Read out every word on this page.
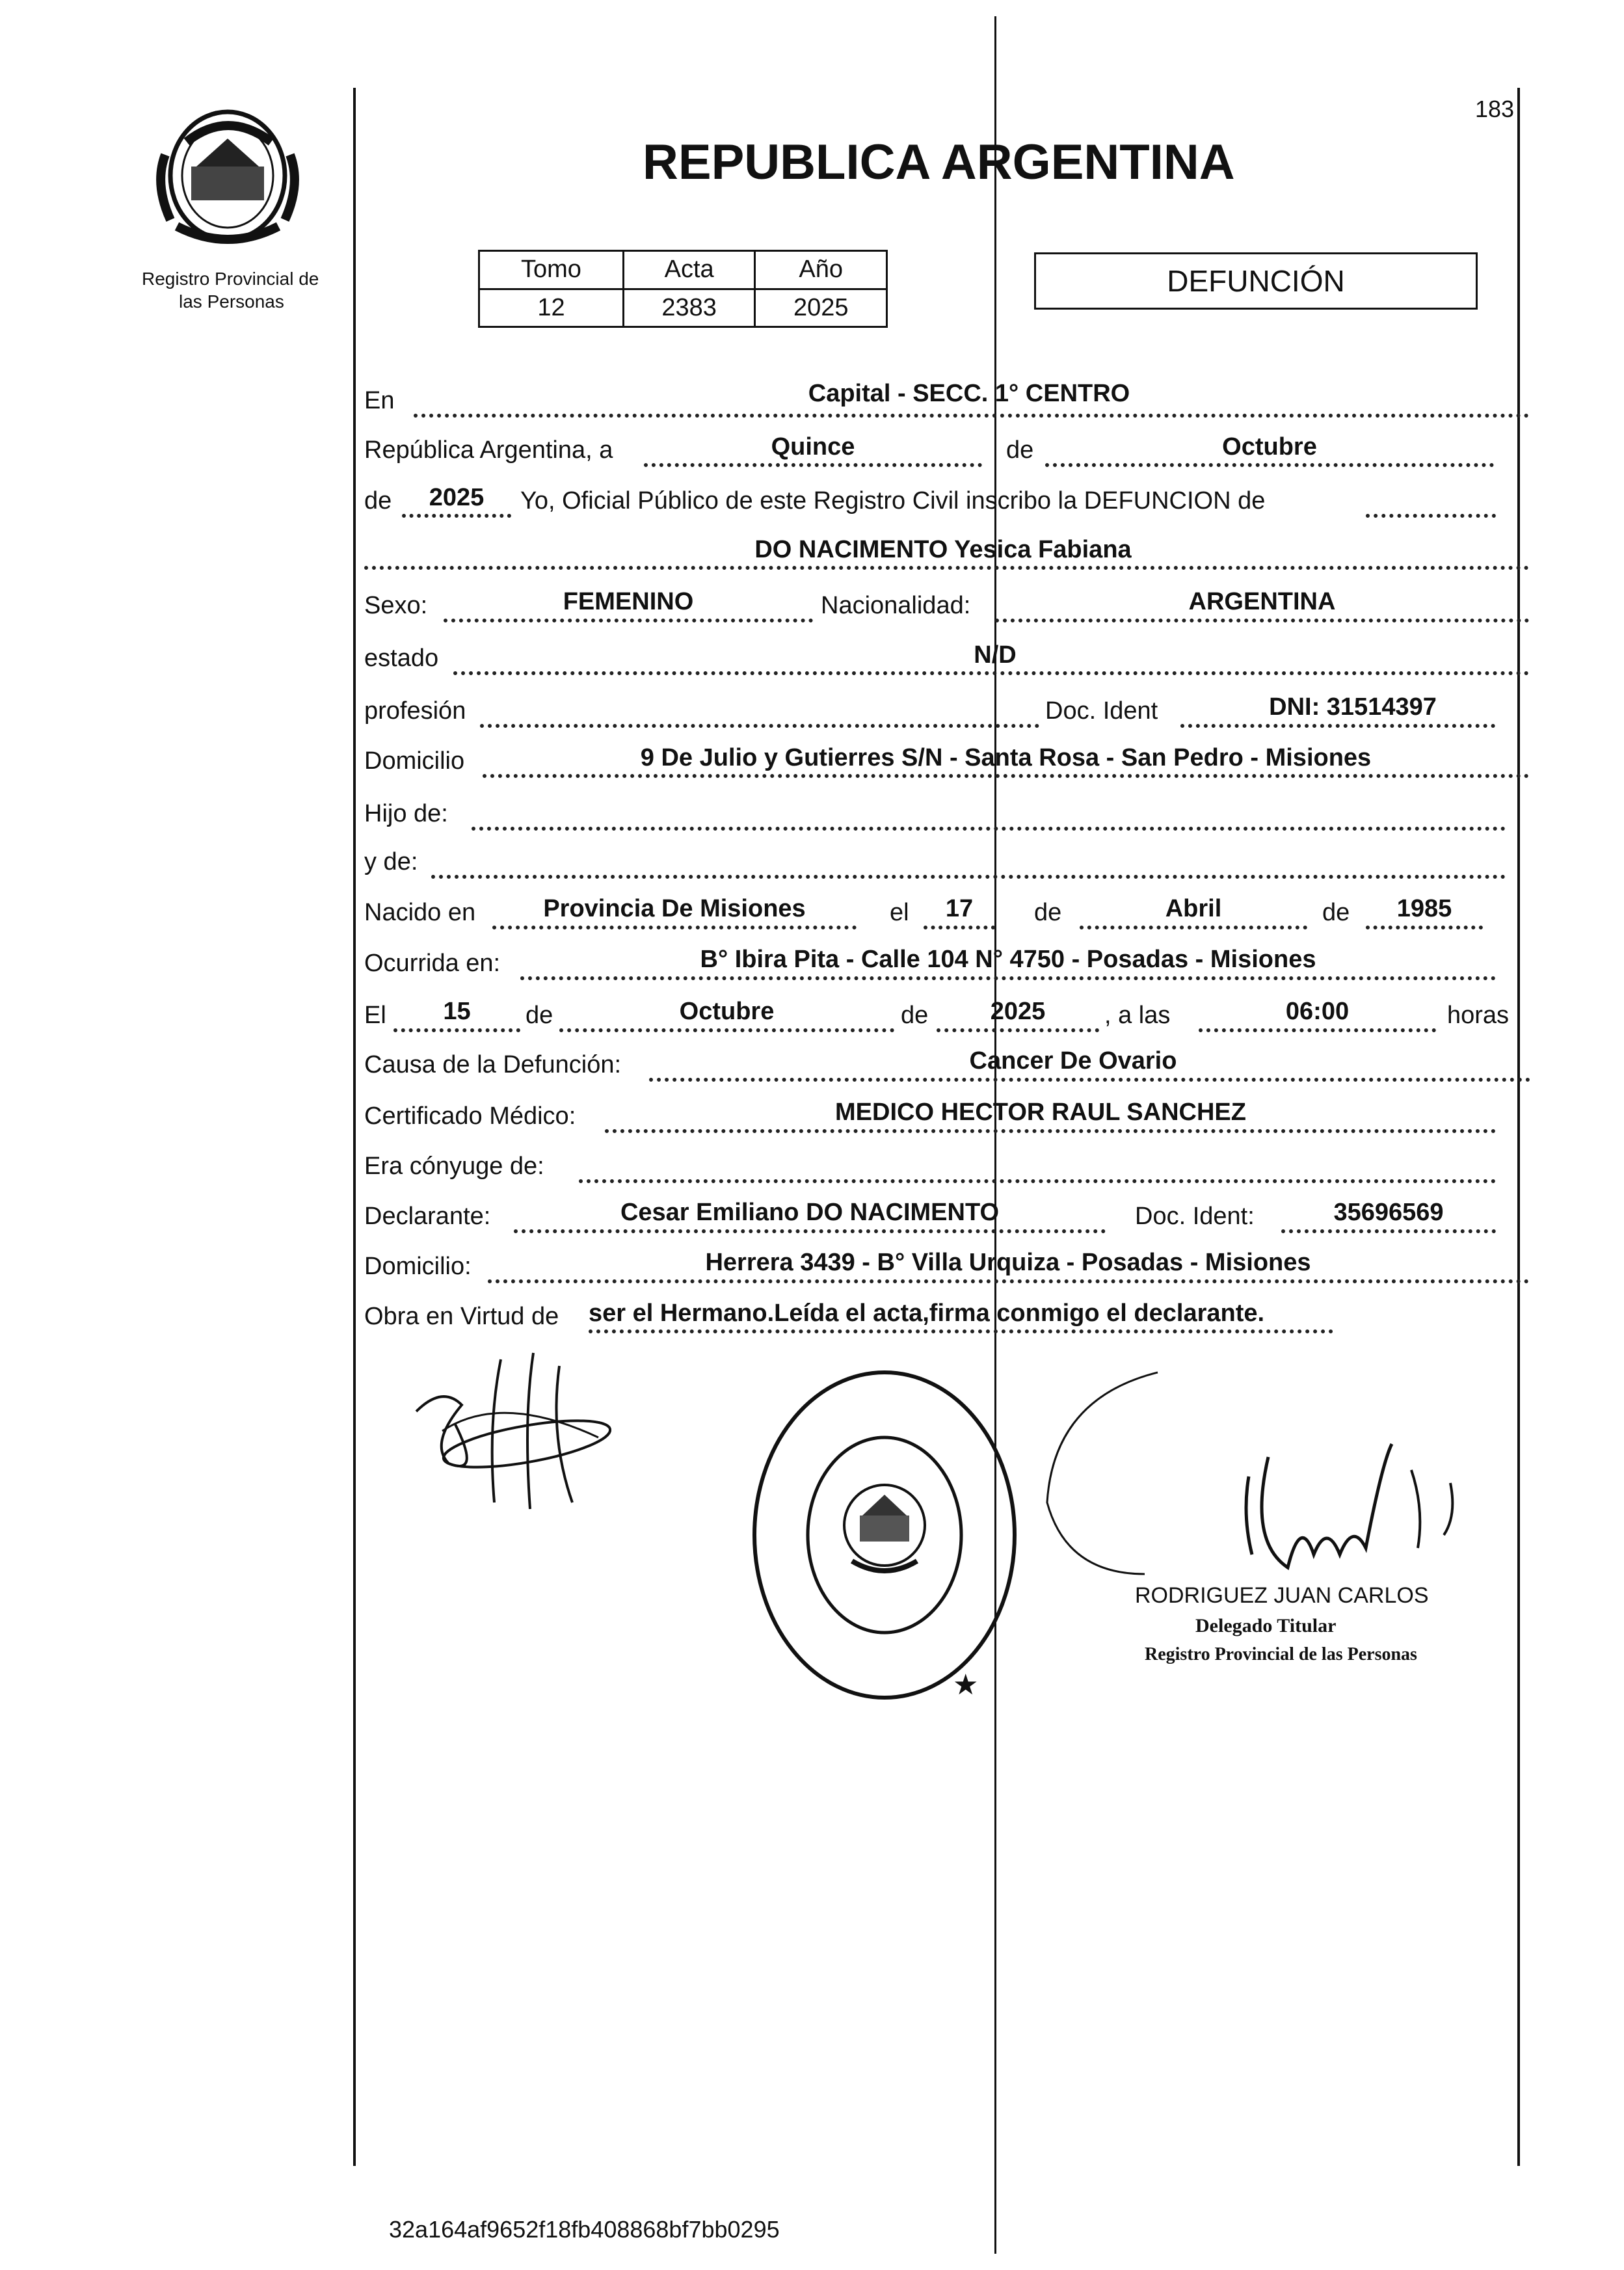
183
Registro Provincial de
las Personas
REPUBLICA ARGENTINA
Tomo	Acta	Año
12	2383	2025
DEFUNCIÓN
En	Capital - SECC. 1° CENTRO
República Argentina, a	Quince	de	Octubre
de	2025	Yo, Oficial Público de este Registro Civil inscribo la DEFUNCION de
DO NACIMENTO Yesica Fabiana
Sexo:	FEMENINO	Nacionalidad:	ARGENTINA
estado	N/D
profesión	Doc. Ident	DNI: 31514397
Domicilio	9 De Julio y Gutierres S/N - Santa Rosa - San Pedro - Misiones
Hijo de:
y de:
Nacido en	Provincia De Misiones	el	17	de	Abril	de	1985
Ocurrida en:	B° Ibira Pita - Calle 104 N° 4750 - Posadas - Misiones
El	15	de	Octubre	de	2025	, a las	06:00	horas
Causa de la Defunción:	Cancer De Ovario
Certificado Médico:	MEDICO HECTOR RAUL SANCHEZ
Era cónyuge de:
Declarante:	Cesar Emiliano DO NACIMENTO	Doc. Ident:	35696569
Domicilio:	Herrera 3439 - B° Villa Urquiza - Posadas - Misiones
Obra en Virtud de ser el Hermano.Leída el acta,firma conmigo el declarante.
★
RODRIGUEZ JUAN CARLOS
Delegado Titular
Registro Provincial de las Personas
32a164af9652f18fb408868bf7bb0295
